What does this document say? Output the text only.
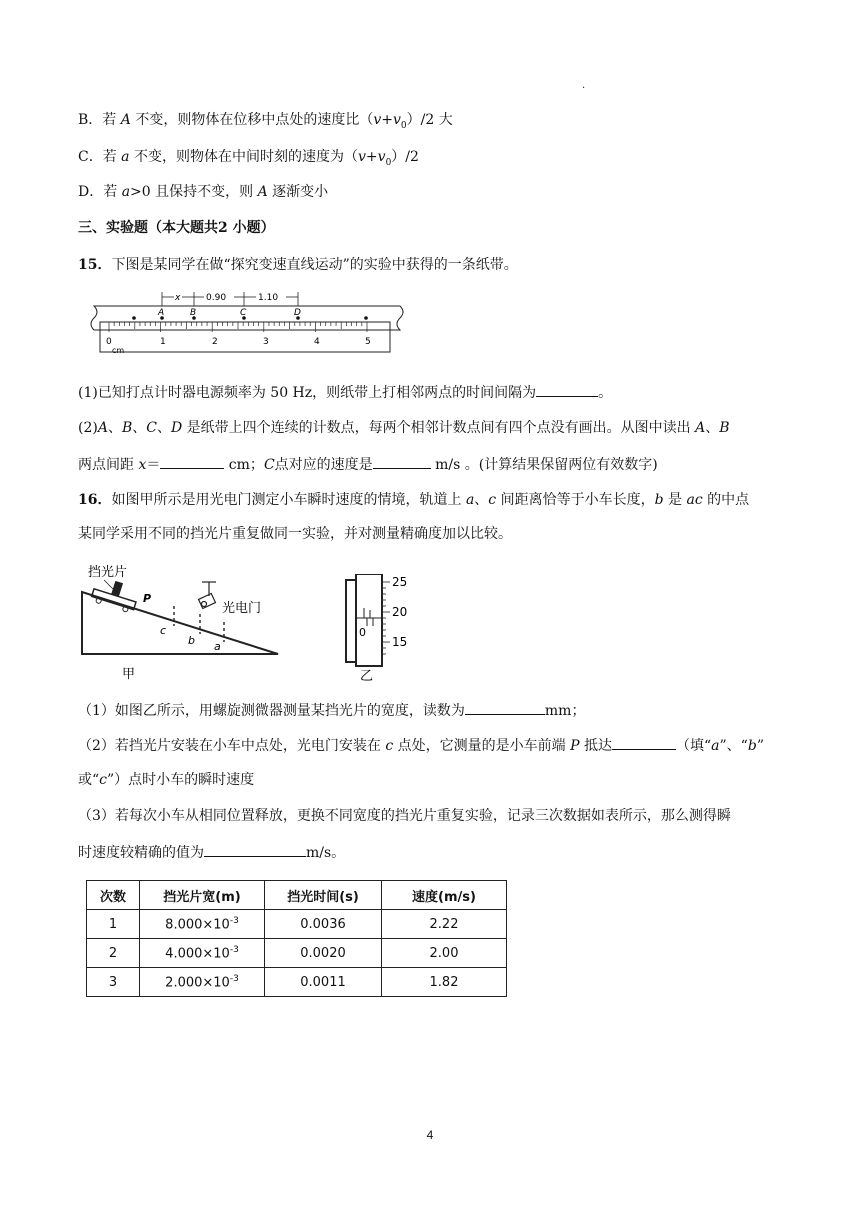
.
B．若 A 不变，则物体在位移中点处的速度比$(v+v_0)/2$ 大
C．若 a 不变，则物体在中间时刻的速度为$(v+v_0)/2$
D．若 a>0 且保持不变，则 A 逐渐变小
三、实验题（本大题共2 小题）
15．下图是某同学在做“探究变速直线运动”的实验中获得的一条纸带。
x	0.90	1.10
A	B	C	D
0	1	2	3	4	5
cm
(1)已知打点计时器电源频率为 50 Hz，则纸带上打相邻两点的时间间隔为	。
(2)A、B、C、D 是纸带上四个连续的计数点，每两个相邻计数点间有四个点没有画出。从图中读出 A、B
两点间距 x＝	cm；C点对应的速度是	m/s 。(计算结果保留两位有效数字)
16．如图甲所示是用光电门测定小车瞬时速度的情境，轨道上 a、c 间距离恰等于小车长度，b 是 ac 的中点
某同学采用不同的挡光片重复做同一实验，并对测量精确度加以比较。
挡光片
P
光电门
c
b a
甲
25
20
15
0
乙
（1）如图乙所示，用螺旋测微器测量某挡光片的宽度，读数为	mm；
（2）若挡光片安装在小车中点处，光电门安装在 c 点处，它测量的是小车前端 P 抵达	（填“a”、“b”
或“c”）点时小车的瞬时速度
（3）若每次小车从相同位置释放，更换不同宽度的挡光片重复实验，记录三次数据如表所示，那么测得瞬
时速度较精确的值为	m/s。
次数	挡光片宽(m)	挡光时间(s)	速度(m/s)
1	$8.000\times 10^{-3}$	0.0036	2.22
2	$4.000\times 10^{-3}$	0.0020	2.00
3	$2.000\times 10^{-3}$	0.0011	1.82
4
